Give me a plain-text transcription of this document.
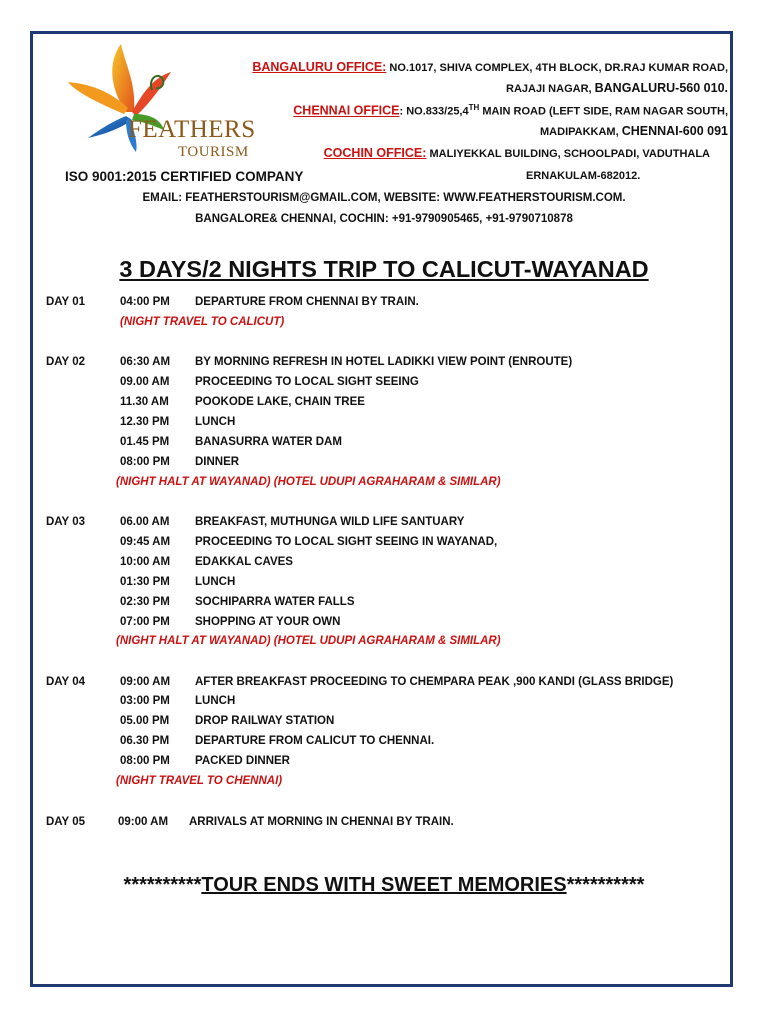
FEATHERS
TOURISM
BANGALURU OFFICE: NO.1017, SHIVA COMPLEX, 4TH BLOCK, DR.RAJ KUMAR ROAD,
RAJAJI NAGAR, BANGALURU-560 010.
CHENNAI OFFICE: NO.833/25,4TH MAIN ROAD (LEFT SIDE, RAM NAGAR SOUTH,
MADIPAKKAM, CHENNAI-600 091
COCHIN OFFICE: MALIYEKKAL BUILDING, SCHOOLPADI, VADUTHALA
ISO 9001:2015 CERTIFIED COMPANY	ERNAKULAM-682012.
EMAIL: FEATHERSTOURISM@GMAIL.COM, WEBSITE: WWW.FEATHERSTOURISM.COM.
BANGALORE& CHENNAI, COCHIN: +91-9790905465, +91-9790710878
3 DAYS/2 NIGHTS TRIP TO CALICUT-WAYANAD
DAY 01	04:00 PM DEPARTURE FROM CHENNAI BY TRAIN.
(NIGHT TRAVEL TO CALICUT)
DAY 02	06:30 AM BY MORNING REFRESH IN HOTEL LADIKKI VIEW POINT (ENROUTE)
09.00 AM PROCEEDING TO LOCAL SIGHT SEEING
11.30 AM POOKODE LAKE, CHAIN TREE
12.30 PM LUNCH
01.45 PM BANASURRA WATER DAM
08:00 PM DINNER
(NIGHT HALT AT WAYANAD) (HOTEL UDUPI AGRAHARAM & SIMILAR)
DAY 03	06.00 AM BREAKFAST, MUTHUNGA WILD LIFE SANTUARY
09:45 AM PROCEEDING TO LOCAL SIGHT SEEING IN WAYANAD,
10:00 AM EDAKKAL CAVES
01:30 PM LUNCH
02:30 PM SOCHIPARRA WATER FALLS
07:00 PM SHOPPING AT YOUR OWN
(NIGHT HALT AT WAYANAD) (HOTEL UDUPI AGRAHARAM & SIMILAR)
DAY 04	09:00 AM AFTER BREAKFAST PROCEEDING TO CHEMPARA PEAK ,900 KANDI (GLASS BRIDGE)
03:00 PM LUNCH
05.00 PM DROP RAILWAY STATION
06.30 PM DEPARTURE FROM CALICUT TO CHENNAI.
08:00 PM PACKED DINNER
(NIGHT TRAVEL TO CHENNAI)
DAY 05	09:00 AM ARRIVALS AT MORNING IN CHENNAI BY TRAIN.
**********TOUR ENDS WITH SWEET MEMORIES**********
